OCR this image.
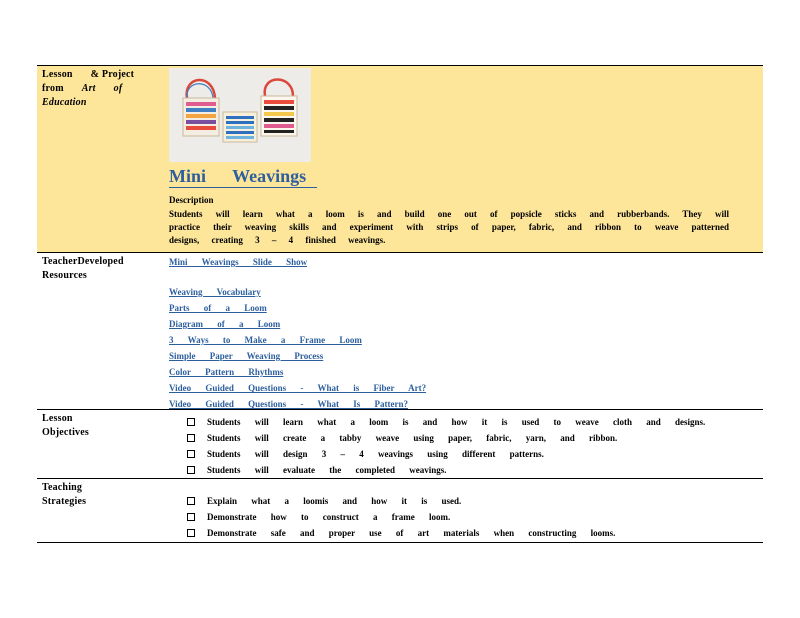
Lesson & Project
from Art of
Education
Mini Weavings
Description
Students will learn what a loom is and build one out of popsicle sticks and rubberbands. They will practice their weaving skills and experiment with strips of paper, fabric, and ribbon to weave patterned designs, creating 3 – 4 finished weavings.
TeacherDeveloped
Resources
Mini Weavings Slide Show
Weaving Vocabulary
Parts of a Loom
Diagram of a Loom
3 Ways to Make a Frame Loom
Simple Paper Weaving Process
Color Pattern Rhythms
Video Guided Questions - What is Fiber Art?
Video Guided Questions - What Is Pattern?
Lesson
Objectives
Students will learn what a loom is and how it is used to weave cloth and designs.
Students will create a tabby weave using paper, fabric, yarn, and ribbon.
Students will design 3 – 4 weavings using different patterns.
Students will evaluate the completed weavings.
Teaching Strategies	Explain what a loomis and how it is used.
Demonstrate how to construct a frame loom.
Demonstrate safe and proper use of art materials when constructing looms.
